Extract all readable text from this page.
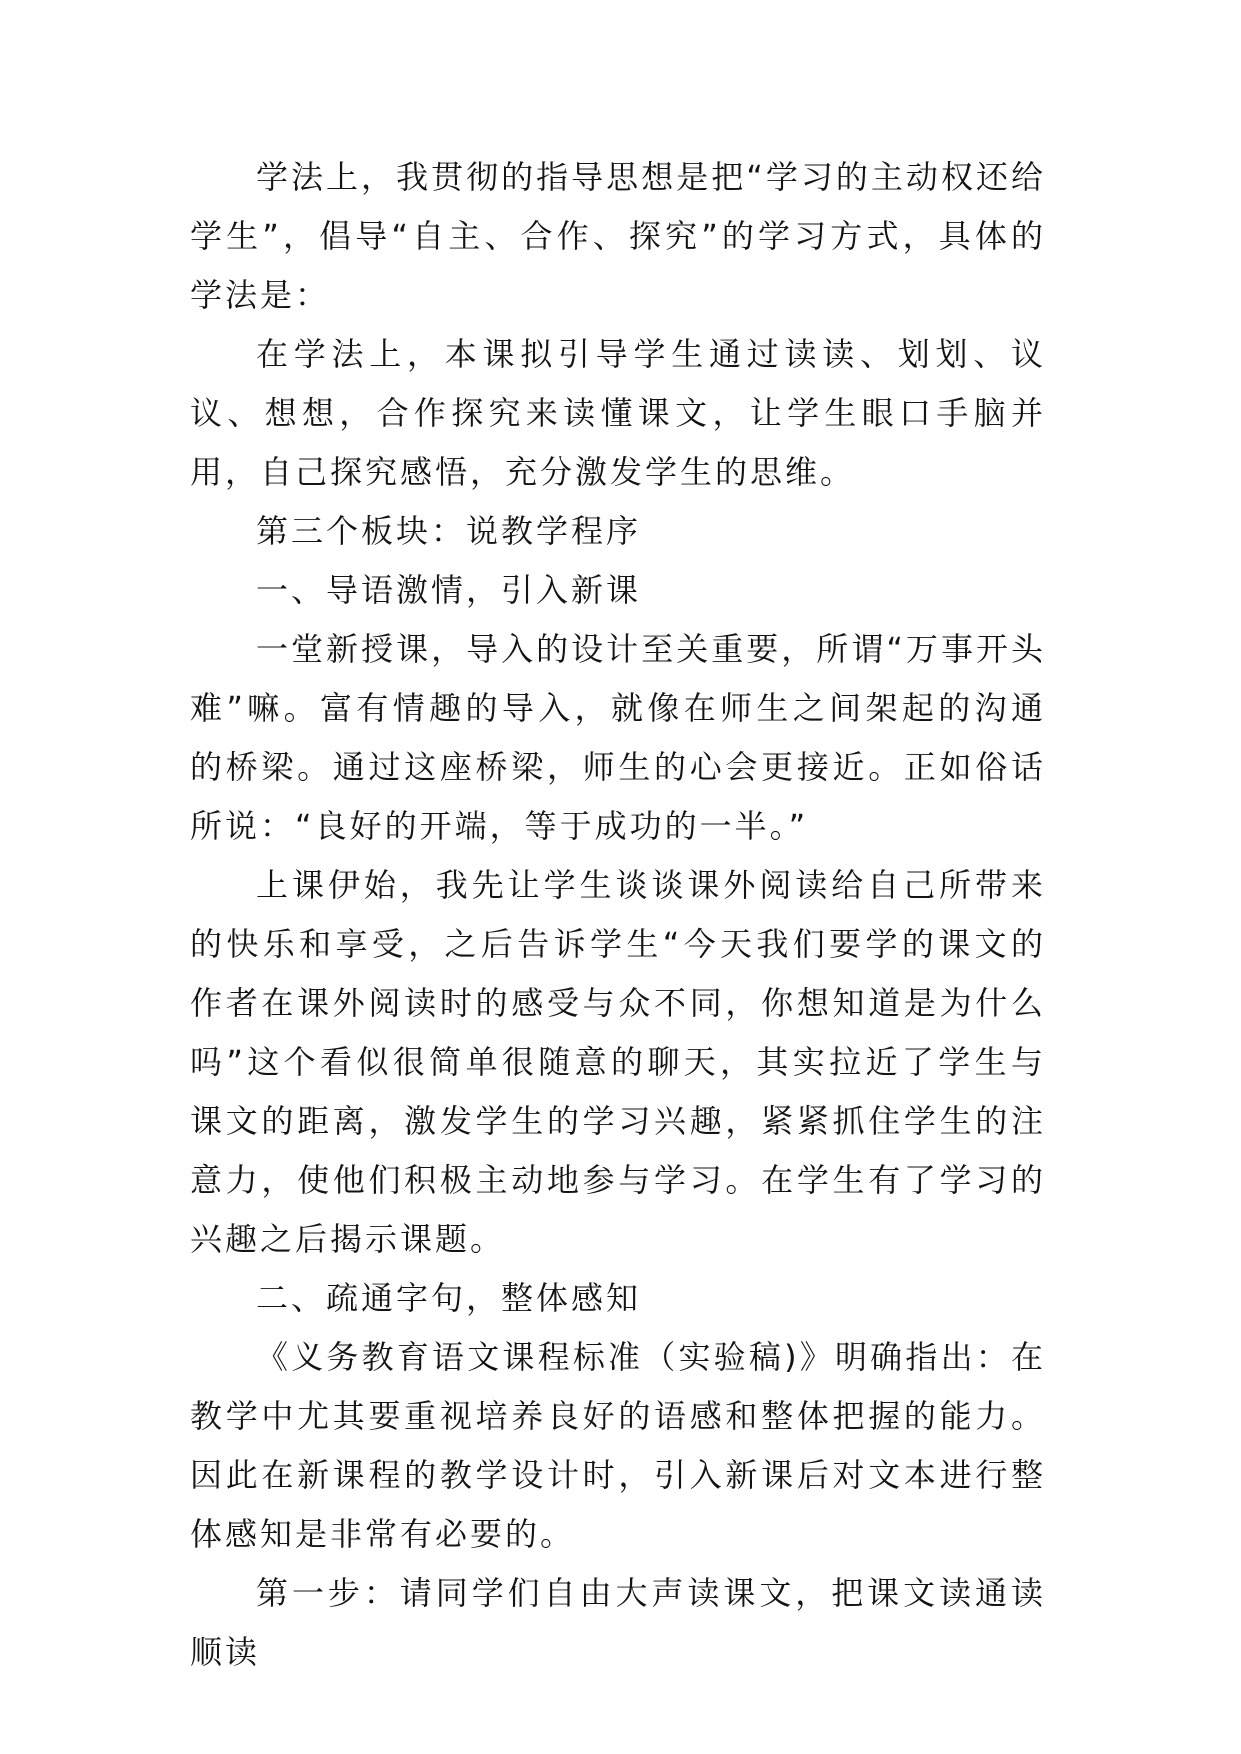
学法上，我贯彻的指导思想是把“学习的主动权还给学生”，倡导“自主、合作、探究”的学习方式，具体的学法是：

在学法上，本课拟引导学生通过读读、划划、议议、想想，合作探究来读懂课文，让学生眼口手脑并用，自己探究感悟，充分激发学生的思维。

第三个板块：说教学程序

一、导语激情，引入新课

一堂新授课，导入的设计至关重要，所谓“万事开头难”嘛。富有情趣的导入，就像在师生之间架起的沟通的桥梁。通过这座桥梁，师生的心会更接近。正如俗话所说：“良好的开端，等于成功的一半。”

上课伊始，我先让学生谈谈课外阅读给自己所带来的快乐和享受，之后告诉学生“今天我们要学的课文的作者在课外阅读时的感受与众不同，你想知道是为什么吗”这个看似很简单很随意的聊天，其实拉近了学生与课文的距离，激发学生的学习兴趣，紧紧抓住学生的注意力，使他们积极主动地参与学习。在学生有了学习的兴趣之后揭示课题。

二、疏通字句，整体感知

《义务教育语文课程标准（实验稿)》明确指出：在教学中尤其要重视培养良好的语感和整体把握的能力。因此在新课程的教学设计时，引入新课后对文本进行整体感知是非常有必要的。

第一步：请同学们自由大声读课文，把课文读通读顺读
